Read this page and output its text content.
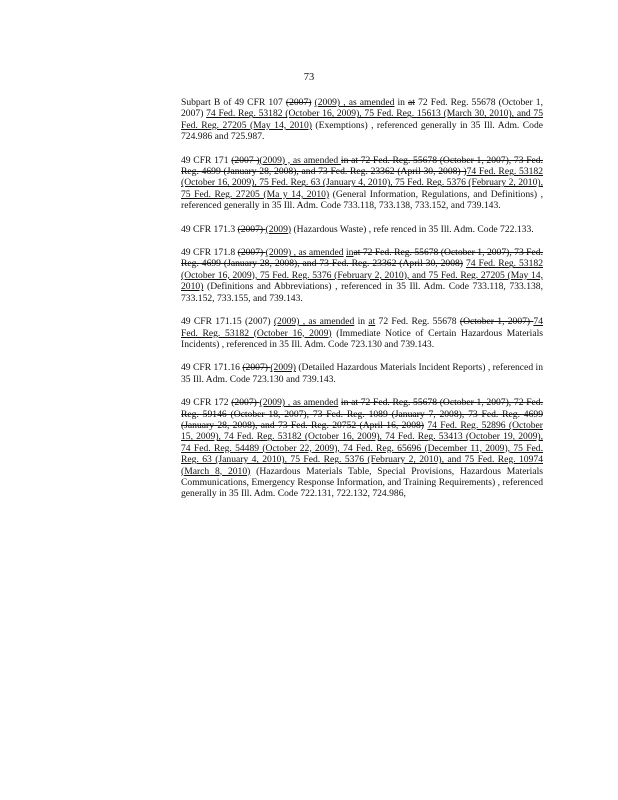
73

Subpart B of 49 CFR 107 (2007) (2009) , as amended in at 72 Fed. Reg. 55678 (October 1, 2007) 74 Fed. Reg. 53182 (October 16, 2009), 75 Fed. Reg. 15613 (March 30, 2010), and 75 Fed. Reg. 27205 (May 14, 2010) (Exemptions) , referenced generally in 35 Ill. Adm. Code 724.986 and 725.987.

49 CFR 171 (2007 )(2009) , as amended in at 72 Fed. Reg. 55678 (October 1, 2007), 73 Fed. Reg. 4699 (January 28, 2008), and 73 Fed. Reg. 23362 (April 30, 2008) )74 Fed. Reg. 53182 (October 16, 2009), 75 Fed. Reg. 63 (January 4, 2010), 75 Fed. Reg. 5376 (February 2, 2010), 75 Fed. Reg. 27205 (Ma y 14, 2010) (General Information, Regulations, and Definitions) , referenced generally in 35 Ill. Adm. Code 733.118, 733.138, 733.152, and 739.143.

49 CFR 171.3 (2007) (2009) (Hazardous Waste) , refe renced in 35 Ill. Adm. Code 722.133.

49 CFR 171.8 (2007) (2009) , as amended inat 72 Fed. Reg. 55678 (October 1, 2007), 73 Fed. Reg. 4699 (January 28, 2008), and 73 Fed. Reg. 23362 (April 30, 2008) 74 Fed. Reg. 53182 (October 16, 2009), 75 Fed. Reg. 5376 (February 2, 2010), and 75 Fed. Reg. 27205 (May 14, 2010) (Definitions and Abbreviations) , referenced in 35 Ill. Adm. Code 733.118, 733.138, 733.152, 733.155, and 739.143.

49 CFR 171.15 (2007) (2009) , as amended in at 72 Fed. Reg. 55678 (October 1, 2007) 74 Fed. Reg. 53182 (October 16, 2009) (Immediate Notice of Certain Hazardous Materials Incidents) , referenced in 35 Ill. Adm. Code 723.130 and 739.143.

49 CFR 171.16 (2007) (2009) (Detailed Hazardous Materials Incident Reports) , referenced in 35 Ill. Adm. Code 723.130 and 739.143.

49 CFR 172 (2007) (2009) , as amended in at 72 Fed. Reg. 55678 (October 1, 2007), 72 Fed. Reg. 59146 (October 18, 2007), 73 Fed. Reg. 1089 (January 7, 2008), 73 Fed. Reg. 4699 (January 28, 2008), and 73 Fed. Reg. 20752 (April 16, 2008) 74 Fed. Reg. 52896 (October 15, 2009), 74 Fed. Reg. 53182 (October 16, 2009), 74 Fed. Reg. 53413 (October 19, 2009), 74 Fed. Reg. 54489 (October 22, 2009), 74 Fed. Reg. 65696 (December 11, 2009), 75 Fed. Reg. 63 (January 4, 2010), 75 Fed. Reg. 5376 (February 2, 2010), and 75 Fed. Reg. 10974 (March 8, 2010) (Hazardous Materials Table, Special Provisions, Hazardous Materials Communications, Emergency Response Information, and Training Requirements) , referenced generally in 35 Ill. Adm. Code 722.131, 722.132, 724.986,
